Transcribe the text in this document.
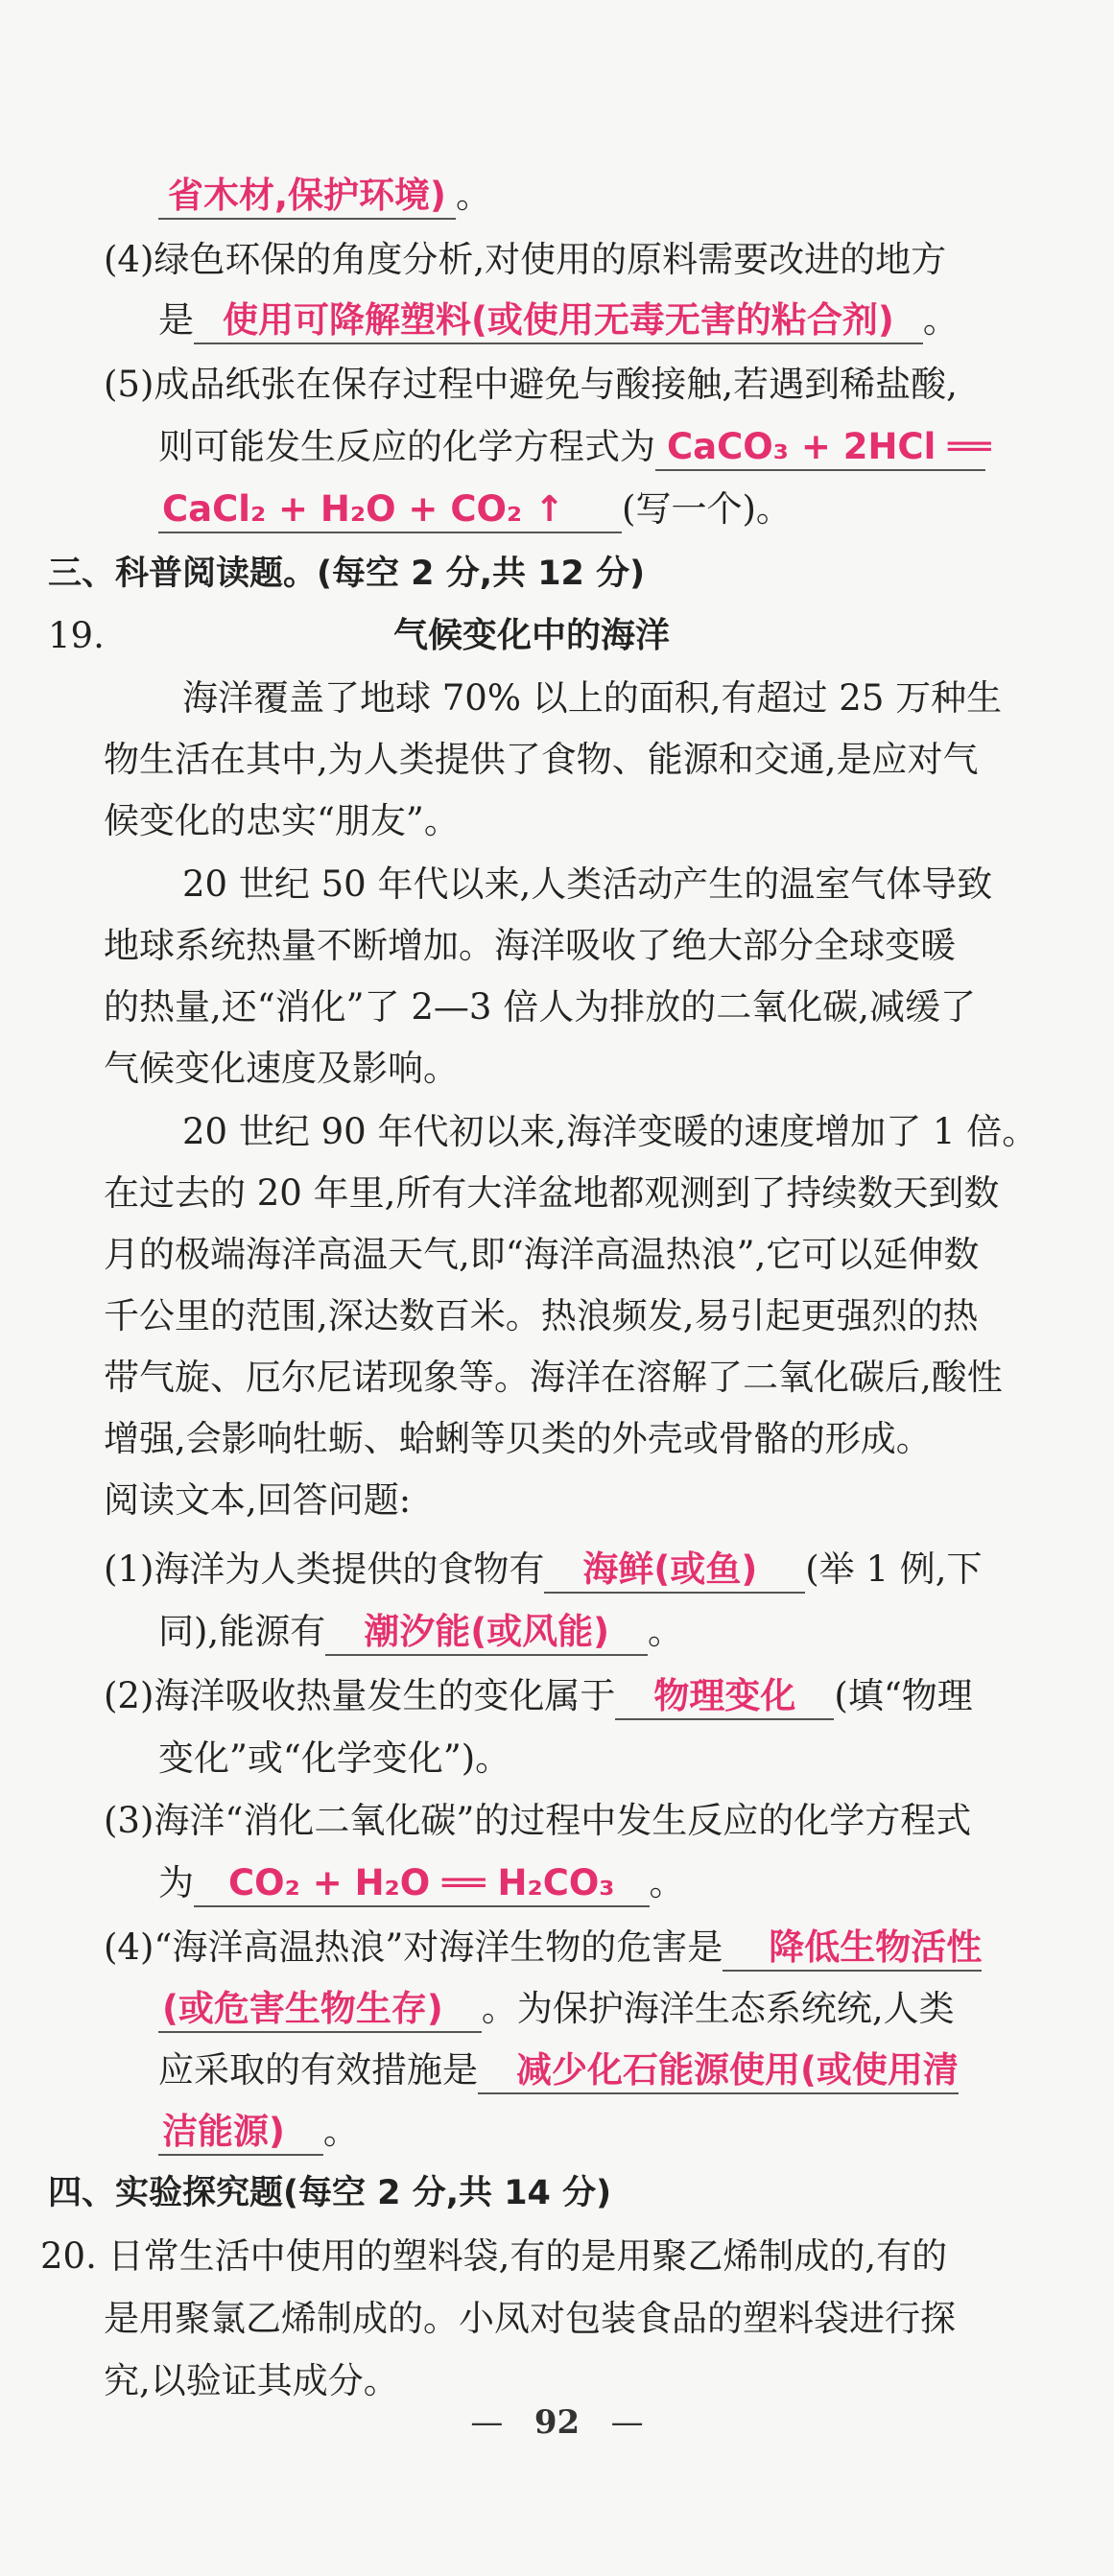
省木材,保护环境) 。
(4)绿色环保的角度分析,对使用的原料需要改进的地方
是 使用可降解塑料(或使用无毒无害的粘合剂) 。
(5)成品纸张在保存过程中避免与酸接触,若遇到稀盐酸,
则可能发生反应的化学方程式为 CaCO₃ + 2HCl ══
CaCl₂ + H₂O + CO₂ ↑ (写一个)。
三、科普阅读题。(每空 2 分,共 12 分)
19.	气候变化中的海洋
海洋覆盖了地球 70% 以上的面积,有超过 25 万种生
物生活在其中,为人类提供了食物、能源和交通,是应对气
候变化的忠实“朋友”。
20 世纪 50 年代以来,人类活动产生的温室气体导致
地球系统热量不断增加。海洋吸收了绝大部分全球变暖
的热量,还“消化”了 2—3 倍人为排放的二氧化碳,减缓了
气候变化速度及影响。
20 世纪 90 年代初以来,海洋变暖的速度增加了 1 倍。
在过去的 20 年里,所有大洋盆地都观测到了持续数天到数
月的极端海洋高温天气,即“海洋高温热浪”,它可以延伸数
千公里的范围,深达数百米。热浪频发,易引起更强烈的热
带气旋、厄尔尼诺现象等。海洋在溶解了二氧化碳后,酸性
增强,会影响牡蛎、蛤蜊等贝类的外壳或骨骼的形成。
阅读文本,回答问题:
(1)海洋为人类提供的食物有 海鲜(或鱼) (举 1 例,下
同),能源有 潮汐能(或风能) 。
(2)海洋吸收热量发生的变化属于 物理变化 (填“物理
变化”或“化学变化”)。
(3)海洋“消化二氧化碳”的过程中发生反应的化学方程式
为 CO₂ + H₂O ══ H₂CO₃ 。
(4)“海洋高温热浪”对海洋生物的危害是 降低生物活性
(或危害生物生存) 。为保护海洋生态系统统,人类
应采取的有效措施是 减少化石能源使用(或使用清
洁能源) 。
四、实验探究题(每空 2 分,共 14 分)
20. 日常生活中使用的塑料袋,有的是用聚乙烯制成的,有的
是用聚氯乙烯制成的。小凤对包装食品的塑料袋进行探
究,以验证其成分。
— 92 —
